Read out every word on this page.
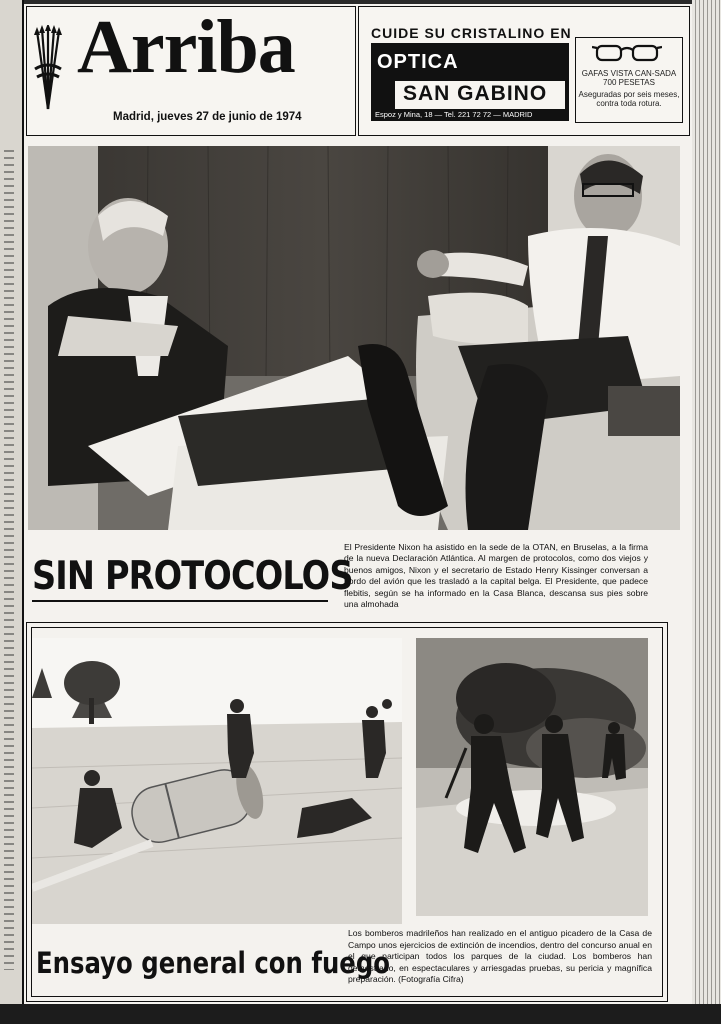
Arriba
Madrid, jueves 27 de junio de 1974
CUIDE SU CRISTALINO EN
OPTICA
SAN GABINO
Espoz y Mina, 18 — Tel. 221 72 72 — MADRID
GAFAS VISTA CAN-SADA 700 PESETAS
Aseguradas por seis meses, contra toda rotura.
SIN PROTOCOLOS
El Presidente Nixon ha asistido en la sede de la OTAN, en Bruselas, a la firma de la nueva Declaración Atlántica. Al margen de protocolos, como dos viejos y buenos amigos, Nixon y el secretario de Estado Henry Kissinger conversan a bordo del avión que les trasladó a la capital belga. El Presidente, que padece flebitis, según se ha informado en la Casa Blanca, descansa sus pies sobre una almohada
Ensayo general con fuego
Los bomberos madrileños han realizado en el antiguo picadero de la Casa de Campo unos ejercicios de extinción de incendios, dentro del concurso anual en el que participan todos los parques de la ciudad. Los bomberos han demostrado, en espectaculares y arriesgadas pruebas, su pericia y magnífica preparación. (Fotografía Cifra)
